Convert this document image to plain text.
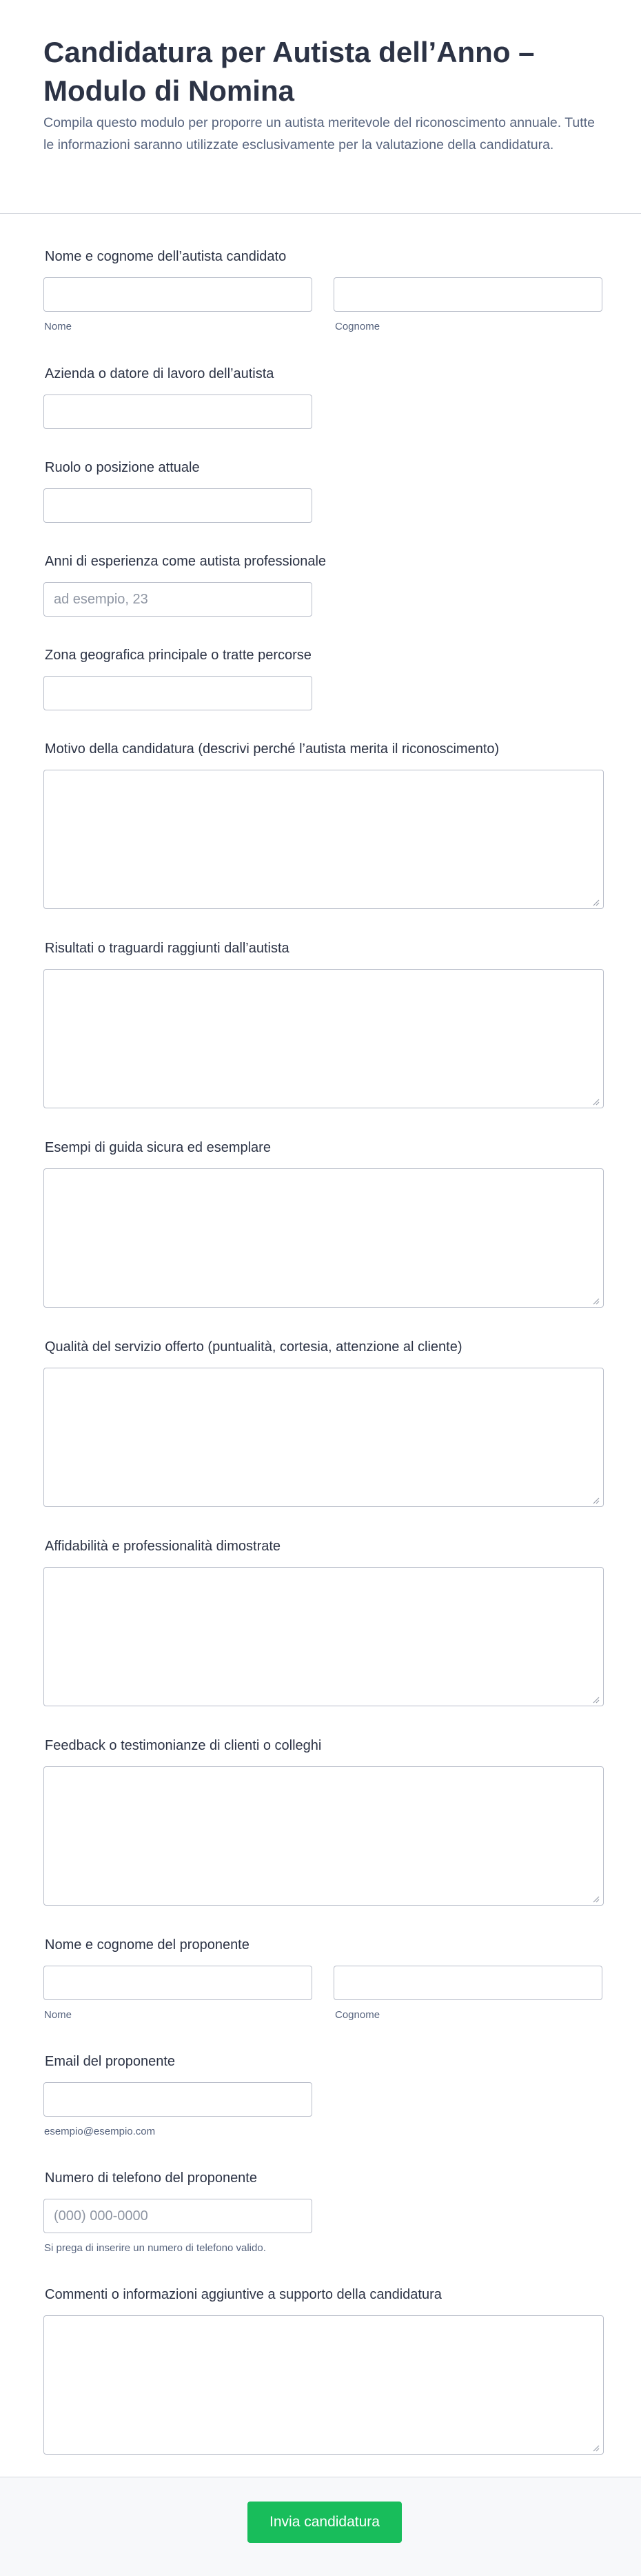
Candidatura per Autista dell’Anno – Modulo di Nomina

Compila questo modulo per proporre un autista meritevole del riconoscimento annuale. Tutte le informazioni saranno utilizzate esclusivamente per la valutazione della candidatura.

Nome e cognome dell’autista candidato
Nome	Cognome
Azienda o datore di lavoro dell’autista
Ruolo o posizione attuale
Anni di esperienza come autista professionale
ad esempio, 23
Zona geografica principale o tratte percorse
Motivo della candidatura (descrivi perché l’autista merita il riconoscimento)
Risultati o traguardi raggiunti dall’autista
Esempi di guida sicura ed esemplare
Qualità del servizio offerto (puntualità, cortesia, attenzione al cliente)
Affidabilità e professionalità dimostrate
Feedback o testimonianze di clienti o colleghi
Nome e cognome del proponente
Nome	Cognome
Email del proponente
esempio@esempio.com
Numero di telefono del proponente
(000) 000-0000
Si prega di inserire un numero di telefono valido.
Commenti o informazioni aggiuntive a supporto della candidatura
Invia candidatura
